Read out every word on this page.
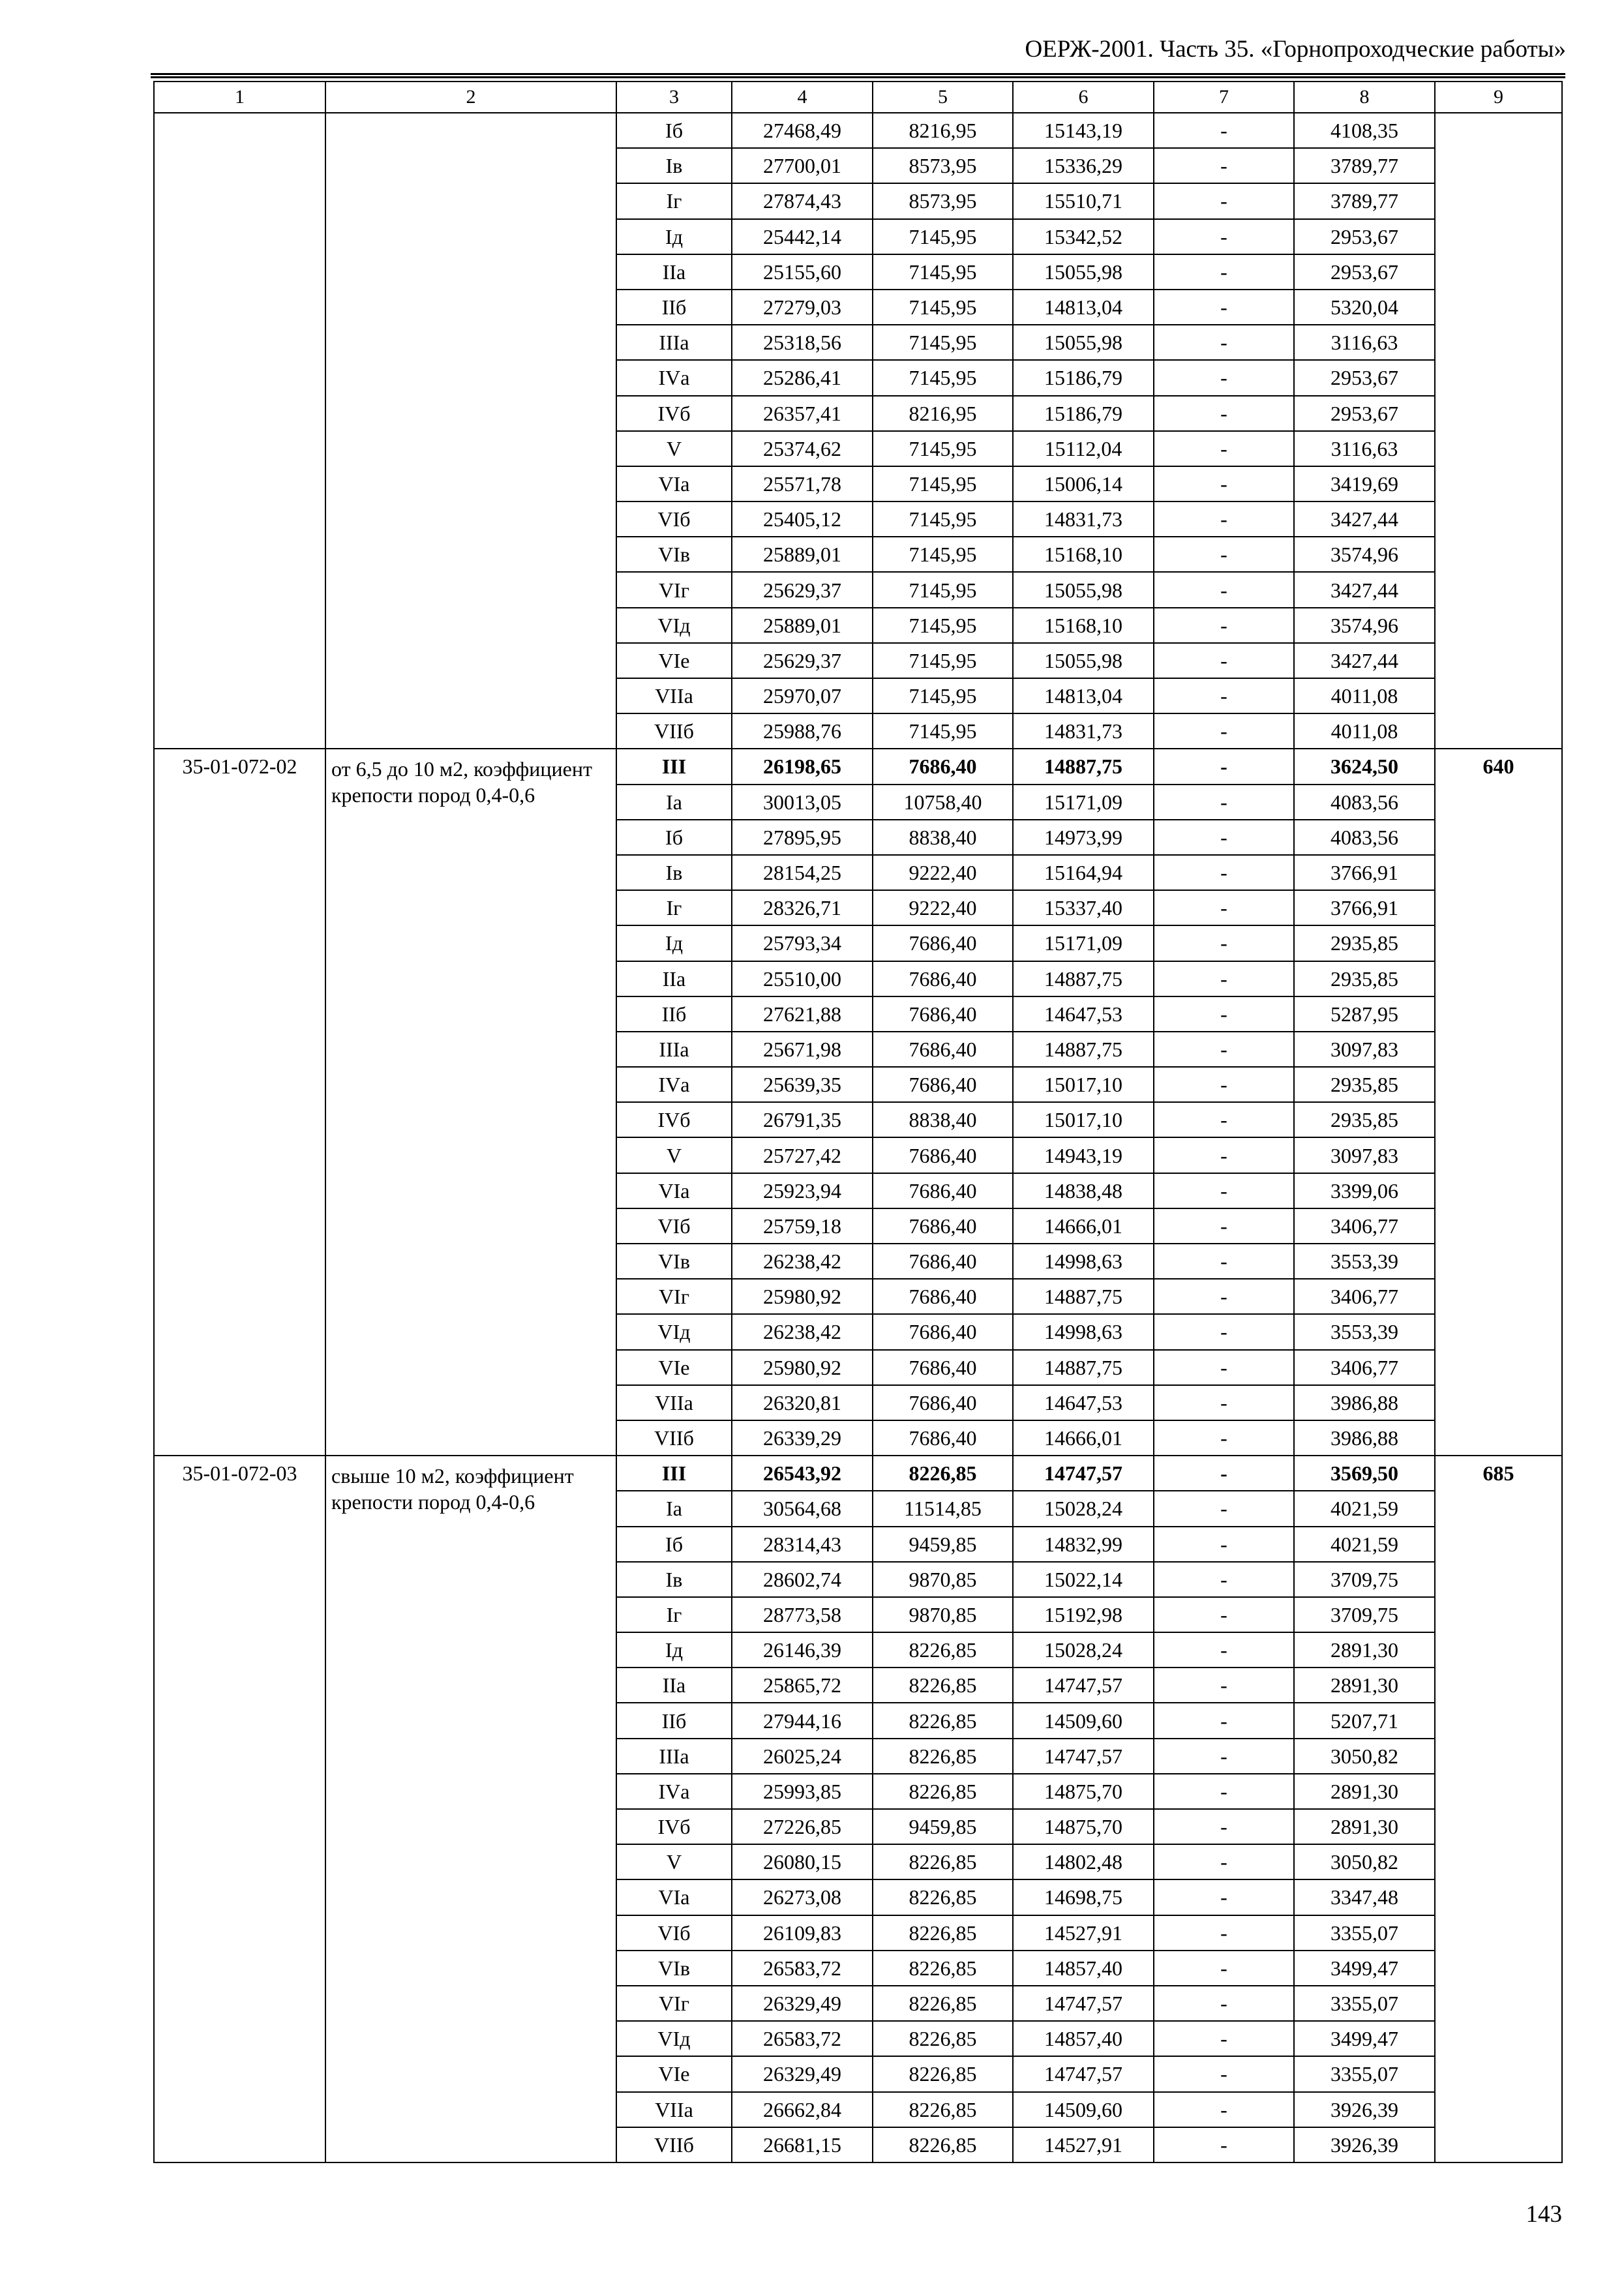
ОЕРЖ-2001. Часть 35. «Горнопроходческие работы»
1	2	3	4	5	6	7	8	9
		Iб	27468,49	8216,95	15143,19	-	4108,35	
		Iв	27700,01	8573,95	15336,29	-	3789,77	
		Iг	27874,43	8573,95	15510,71	-	3789,77	
		Iд	25442,14	7145,95	15342,52	-	2953,67	
		IIа	25155,60	7145,95	15055,98	-	2953,67	
		IIб	27279,03	7145,95	14813,04	-	5320,04	
		IIIа	25318,56	7145,95	15055,98	-	3116,63	
		IVа	25286,41	7145,95	15186,79	-	2953,67	
		IVб	26357,41	8216,95	15186,79	-	2953,67	
		V	25374,62	7145,95	15112,04	-	3116,63	
		VIа	25571,78	7145,95	15006,14	-	3419,69	
		VIб	25405,12	7145,95	14831,73	-	3427,44	
		VIв	25889,01	7145,95	15168,10	-	3574,96	
		VIг	25629,37	7145,95	15055,98	-	3427,44	
		VIд	25889,01	7145,95	15168,10	-	3574,96	
		VIе	25629,37	7145,95	15055,98	-	3427,44	
		VIIа	25970,07	7145,95	14813,04	-	4011,08	
		VIIб	25988,76	7145,95	14831,73	-	4011,08	
35-01-072-02	от 6,5 до 10 м2, коэффициент крепости пород 0,4-0,6	III	26198,65	7686,40	14887,75	-	3624,50	640
		Iа	30013,05	10758,40	15171,09	-	4083,56	
		Iб	27895,95	8838,40	14973,99	-	4083,56	
		Iв	28154,25	9222,40	15164,94	-	3766,91	
		Iг	28326,71	9222,40	15337,40	-	3766,91	
		Iд	25793,34	7686,40	15171,09	-	2935,85	
		IIа	25510,00	7686,40	14887,75	-	2935,85	
		IIб	27621,88	7686,40	14647,53	-	5287,95	
		IIIа	25671,98	7686,40	14887,75	-	3097,83	
		IVа	25639,35	7686,40	15017,10	-	2935,85	
		IVб	26791,35	8838,40	15017,10	-	2935,85	
		V	25727,42	7686,40	14943,19	-	3097,83	
		VIа	25923,94	7686,40	14838,48	-	3399,06	
		VIб	25759,18	7686,40	14666,01	-	3406,77	
		VIв	26238,42	7686,40	14998,63	-	3553,39	
		VIг	25980,92	7686,40	14887,75	-	3406,77	
		VIд	26238,42	7686,40	14998,63	-	3553,39	
		VIе	25980,92	7686,40	14887,75	-	3406,77	
		VIIа	26320,81	7686,40	14647,53	-	3986,88	
		VIIб	26339,29	7686,40	14666,01	-	3986,88	
35-01-072-03	свыше 10 м2, коэффициент крепости пород 0,4-0,6	III	26543,92	8226,85	14747,57	-	3569,50	685
		Iа	30564,68	11514,85	15028,24	-	4021,59	
		Iб	28314,43	9459,85	14832,99	-	4021,59	
		Iв	28602,74	9870,85	15022,14	-	3709,75	
		Iг	28773,58	9870,85	15192,98	-	3709,75	
		Iд	26146,39	8226,85	15028,24	-	2891,30	
		IIа	25865,72	8226,85	14747,57	-	2891,30	
		IIб	27944,16	8226,85	14509,60	-	5207,71	
		IIIа	26025,24	8226,85	14747,57	-	3050,82	
		IVа	25993,85	8226,85	14875,70	-	2891,30	
		IVб	27226,85	9459,85	14875,70	-	2891,30	
		V	26080,15	8226,85	14802,48	-	3050,82	
		VIа	26273,08	8226,85	14698,75	-	3347,48	
		VIб	26109,83	8226,85	14527,91	-	3355,07	
		VIв	26583,72	8226,85	14857,40	-	3499,47	
		VIг	26329,49	8226,85	14747,57	-	3355,07	
		VIд	26583,72	8226,85	14857,40	-	3499,47	
		VIе	26329,49	8226,85	14747,57	-	3355,07	
		VIIа	26662,84	8226,85	14509,60	-	3926,39	
		VIIб	26681,15	8226,85	14527,91	-	3926,39	
143
